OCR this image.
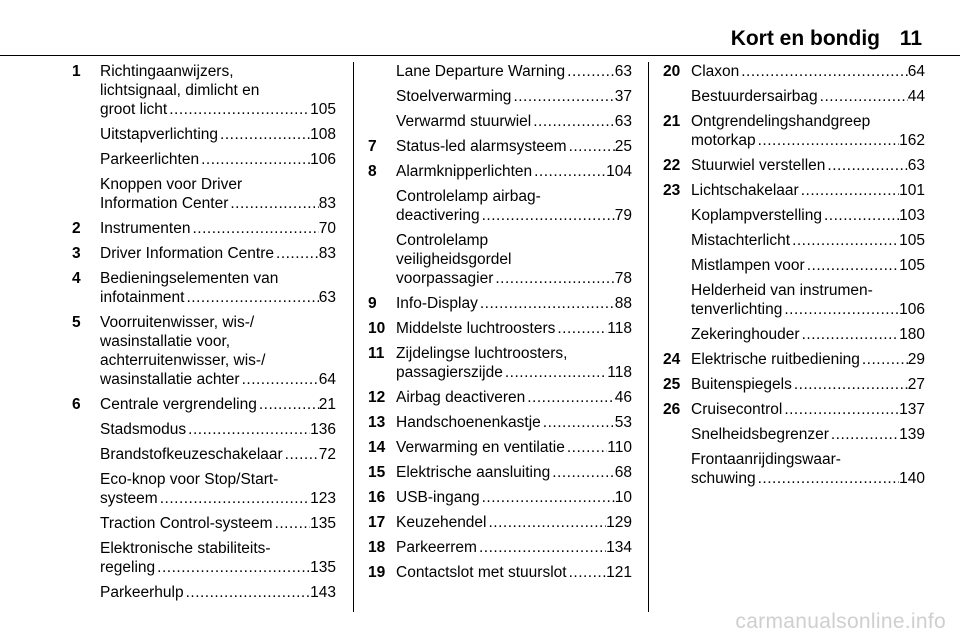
Kort en bondig 11
1 Richtingaanwijzers,
lichtsignaal, dimlicht en
groot licht .....	105
Uitstapverlichting .....	108
Parkeerlichten .....	106
Knoppen voor Driver
Information Center .....	83
2 Instrumenten .....	70
3 Driver Information Centre .....	83
4 Bedieningselementen van
infotainment .....	63
5 Voorruitenwisser, wis-/
wasinstallatie voor,
achterruitenwisser, wis-/
wasinstallatie achter .....	64
6 Centrale vergrendeling .....	21
Stadsmodus .....	136
Brandstofkeuzeschakelaar ..... 72
Eco-knop voor Stop/Start-
systeem .....	123
Traction Control-systeem ..... 135
Elektronische stabiliteits-
regeling .....	135
Parkeerhulp .....	143
Lane Departure Warning .....	63
Stoelverwarming .....	37
Verwarmd stuurwiel .....	63
7 Status-led alarmsysteem .....	25
8 Alarmknipperlichten .....	104
Controlelamp airbag-
deactivering .....	79
Controlelamp
veiligheidsgordel
voorpassagier .....	78
9 Info-Display .....	88
10 Middelste luchtroosters .....	118
11 Zijdelingse luchtroosters,
passagierszijde .....	118
12 Airbag deactiveren .....	46
13 Handschoenenkastje .....	53
14 Verwarming en ventilatie .....	110
15 Elektrische aansluiting .....	68
16 USB-ingang .....	10
17 Keuzehendel .....	129
18 Parkeerrem .....	134
19 Contactslot met stuurslot .....	121
20 Claxon .....	64
Bestuurdersairbag .....	44
21 Ontgrendelingshandgreep
motorkap .....	162
22 Stuurwiel verstellen .....	63
23 Lichtschakelaar .....	101
Koplampverstelling .....	103
Mistachterlicht .....	105
Mistlampen voor .....	105
Helderheid van instrumen-
tenverlichting .....	106
Zekeringhouder .....	180
24 Elektrische ruitbediening .....	29
25 Buitenspiegels .....	27
26 Cruisecontrol .....	137
Snelheidsbegrenzer .....	139
Frontaanrijdingswaar-
schuwing .....	140
carmanualsonline.info
